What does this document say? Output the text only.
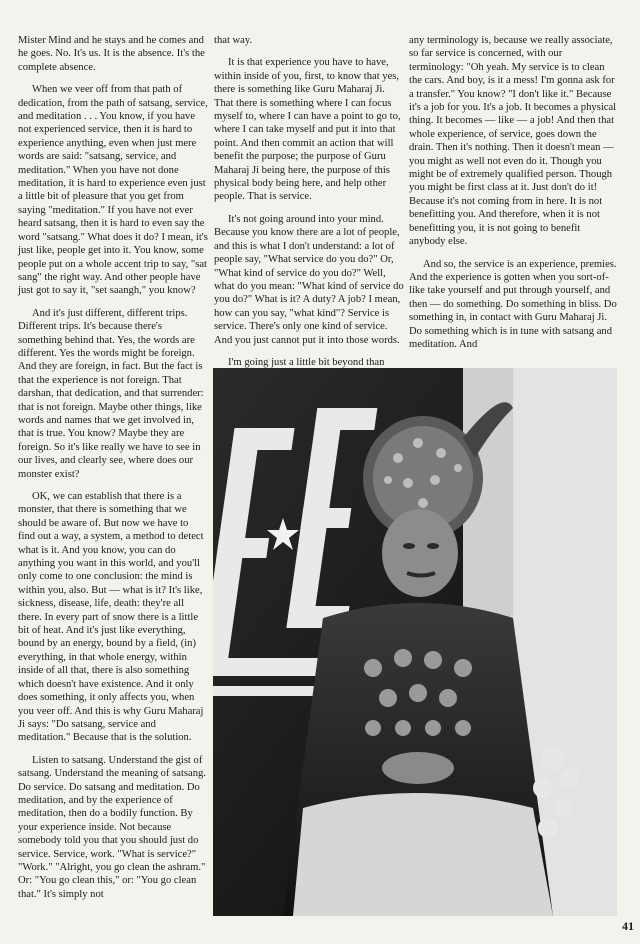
Mister Mind and he stays and he comes and he goes. No. It's us. It is the absence. It's the complete absence.

When we veer off from that path of dedication, from the path of satsang, service, and meditation . . . You know, if you have not experienced service, then it is hard to experience anything, even when just mere words are said: "satsang, service, and meditation." When you have not done meditation, it is hard to experience even just a little bit of pleasure that you get from saying "meditation." If you have not ever heard satsang, then it is hard to even say the word "satsang." What does it do? I mean, it's just like, people get into it. You know, some people put on a whole accent trip to say, "sat sang" the right way. And other people have just got to say it, "set saangh," you know?

And it's just different, different trips. Different trips. It's because there's something behind that. Yes, the words are different. Yes the words might be foreign. And they are foreign, in fact. But the fact is that the experience is not foreign. That darshan, that dedication, and that surrender: that is not foreign. Maybe other things, like words and names that we get involved in, that is true. You know? Maybe they are foreign. So it's like really we have to see in our lives, and clearly see, where does our monster exist?

OK, we can establish that there is a monster, that there is something that we should be aware of. But now we have to find out a way, a system, a method to detect what is it. And you know, you can do anything you want in this world, and you'll only come to one conclusion: the mind is within you, also. But — what is it? It's like, sickness, disease, life, death: they're all there. In every part of snow there is a little bit of heat. And it's just like everything, bound by an energy, bound by a field, (in) everything, in that whole energy, within inside of all that, there is also something which doesn't have existence. And it only does something, it only affects you, when you veer off. And this is why Guru Maharaj Ji says: "Do satsang, service and meditation." Because that is the solution.

Listen to satsang. Understand the gist of satsang. Understand the meaning of satsang. Do service. Do satsang and meditation. Do meditation, and by the experience of meditation, then do a bodily function. By your experience inside. Not because somebody told you that you should just do service. Service, work. "What is service?" "Work." "Alright, you go clean the ashram." Or: "You go clean this," or: "You go clean that." It's simply not

that way.

It is that experience you have to have, within inside of you, first, to know that yes, there is something like Guru Maharaj Ji. That there is something where I can focus myself to, where I can have a point to go to, where I can take myself and put it into that point. And then commit an action that will benefit the purpose; the purpose of Guru Maharaj Ji being here, the purpose of this physical body being here, and help other people. That is service.

It's not going around into your mind. Because you know there are a lot of people, and this is what I don't understand: a lot of people say, "What service do you do?" Or, "What kind of service do you do?" Well, what do you mean: "What kind of service do you do?" What is it? A duty? A job? I mean, how can you say, "what kind"? Service is service. There's only one kind of service. And you just cannot put it into those words.

I'm going just a little bit beyond than

any terminology is, because we really associate, so far service is concerned, with our terminology: "Oh yeah. My service is to clean the cars. And boy, is it a mess! I'm gonna ask for a transfer." You know? "I don't like it." Because it's a job for you. It's a job. It becomes a physical thing. It becomes — like — a job! And then that whole experience, of service, goes down the drain. Then it's nothing. Then it doesn't mean — you might as well not even do it. Though you might be of extremely qualified person. Though you might be first class at it. Just don't do it! Because it's not coming from in here. It is not benefitting you. And therefore, when it is not benefitting you, it is not going to benefit anybody else.

And so, the service is an experience, premies. And the experience is gotten when you sort-of-like take yourself and put through yourself, and then — do something. Do something in bliss. Do something in, in contact with Guru Maharaj Ji. Do something which is in tune with satsang and meditation. And

41
